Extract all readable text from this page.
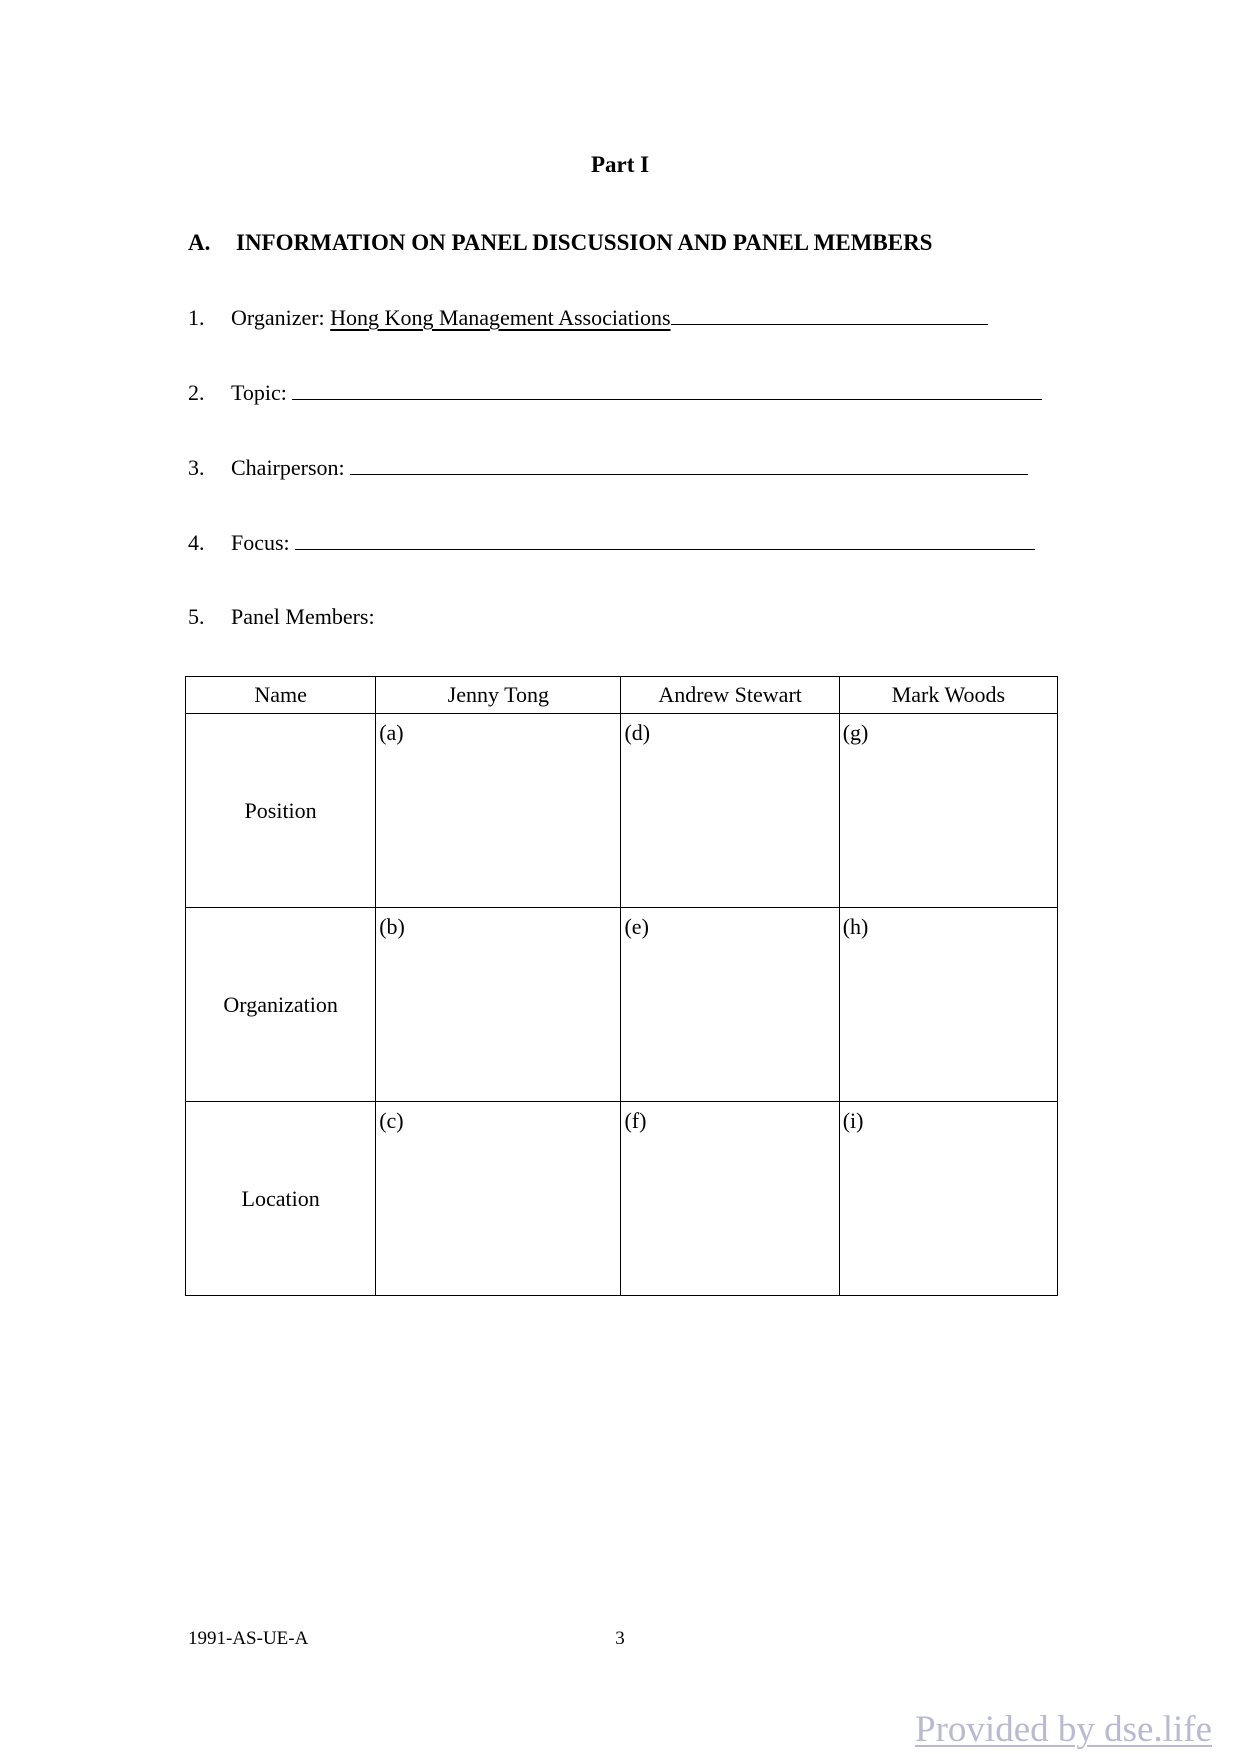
Part I
A. INFORMATION ON PANEL DISCUSSION AND PANEL MEMBERS
1. Organizer: Hong Kong Management Associations
2. Topic:
3. Chairperson:
4. Focus:
5. Panel Members:
Name	Jenny Tong	Andrew Stewart	Mark Woods
Position	(a)	(d)	(g)
Organization	(b)	(e)	(h)
Location	(c)	(f)	(i)
1991-AS-UE-A	3
Provided by dse.life
